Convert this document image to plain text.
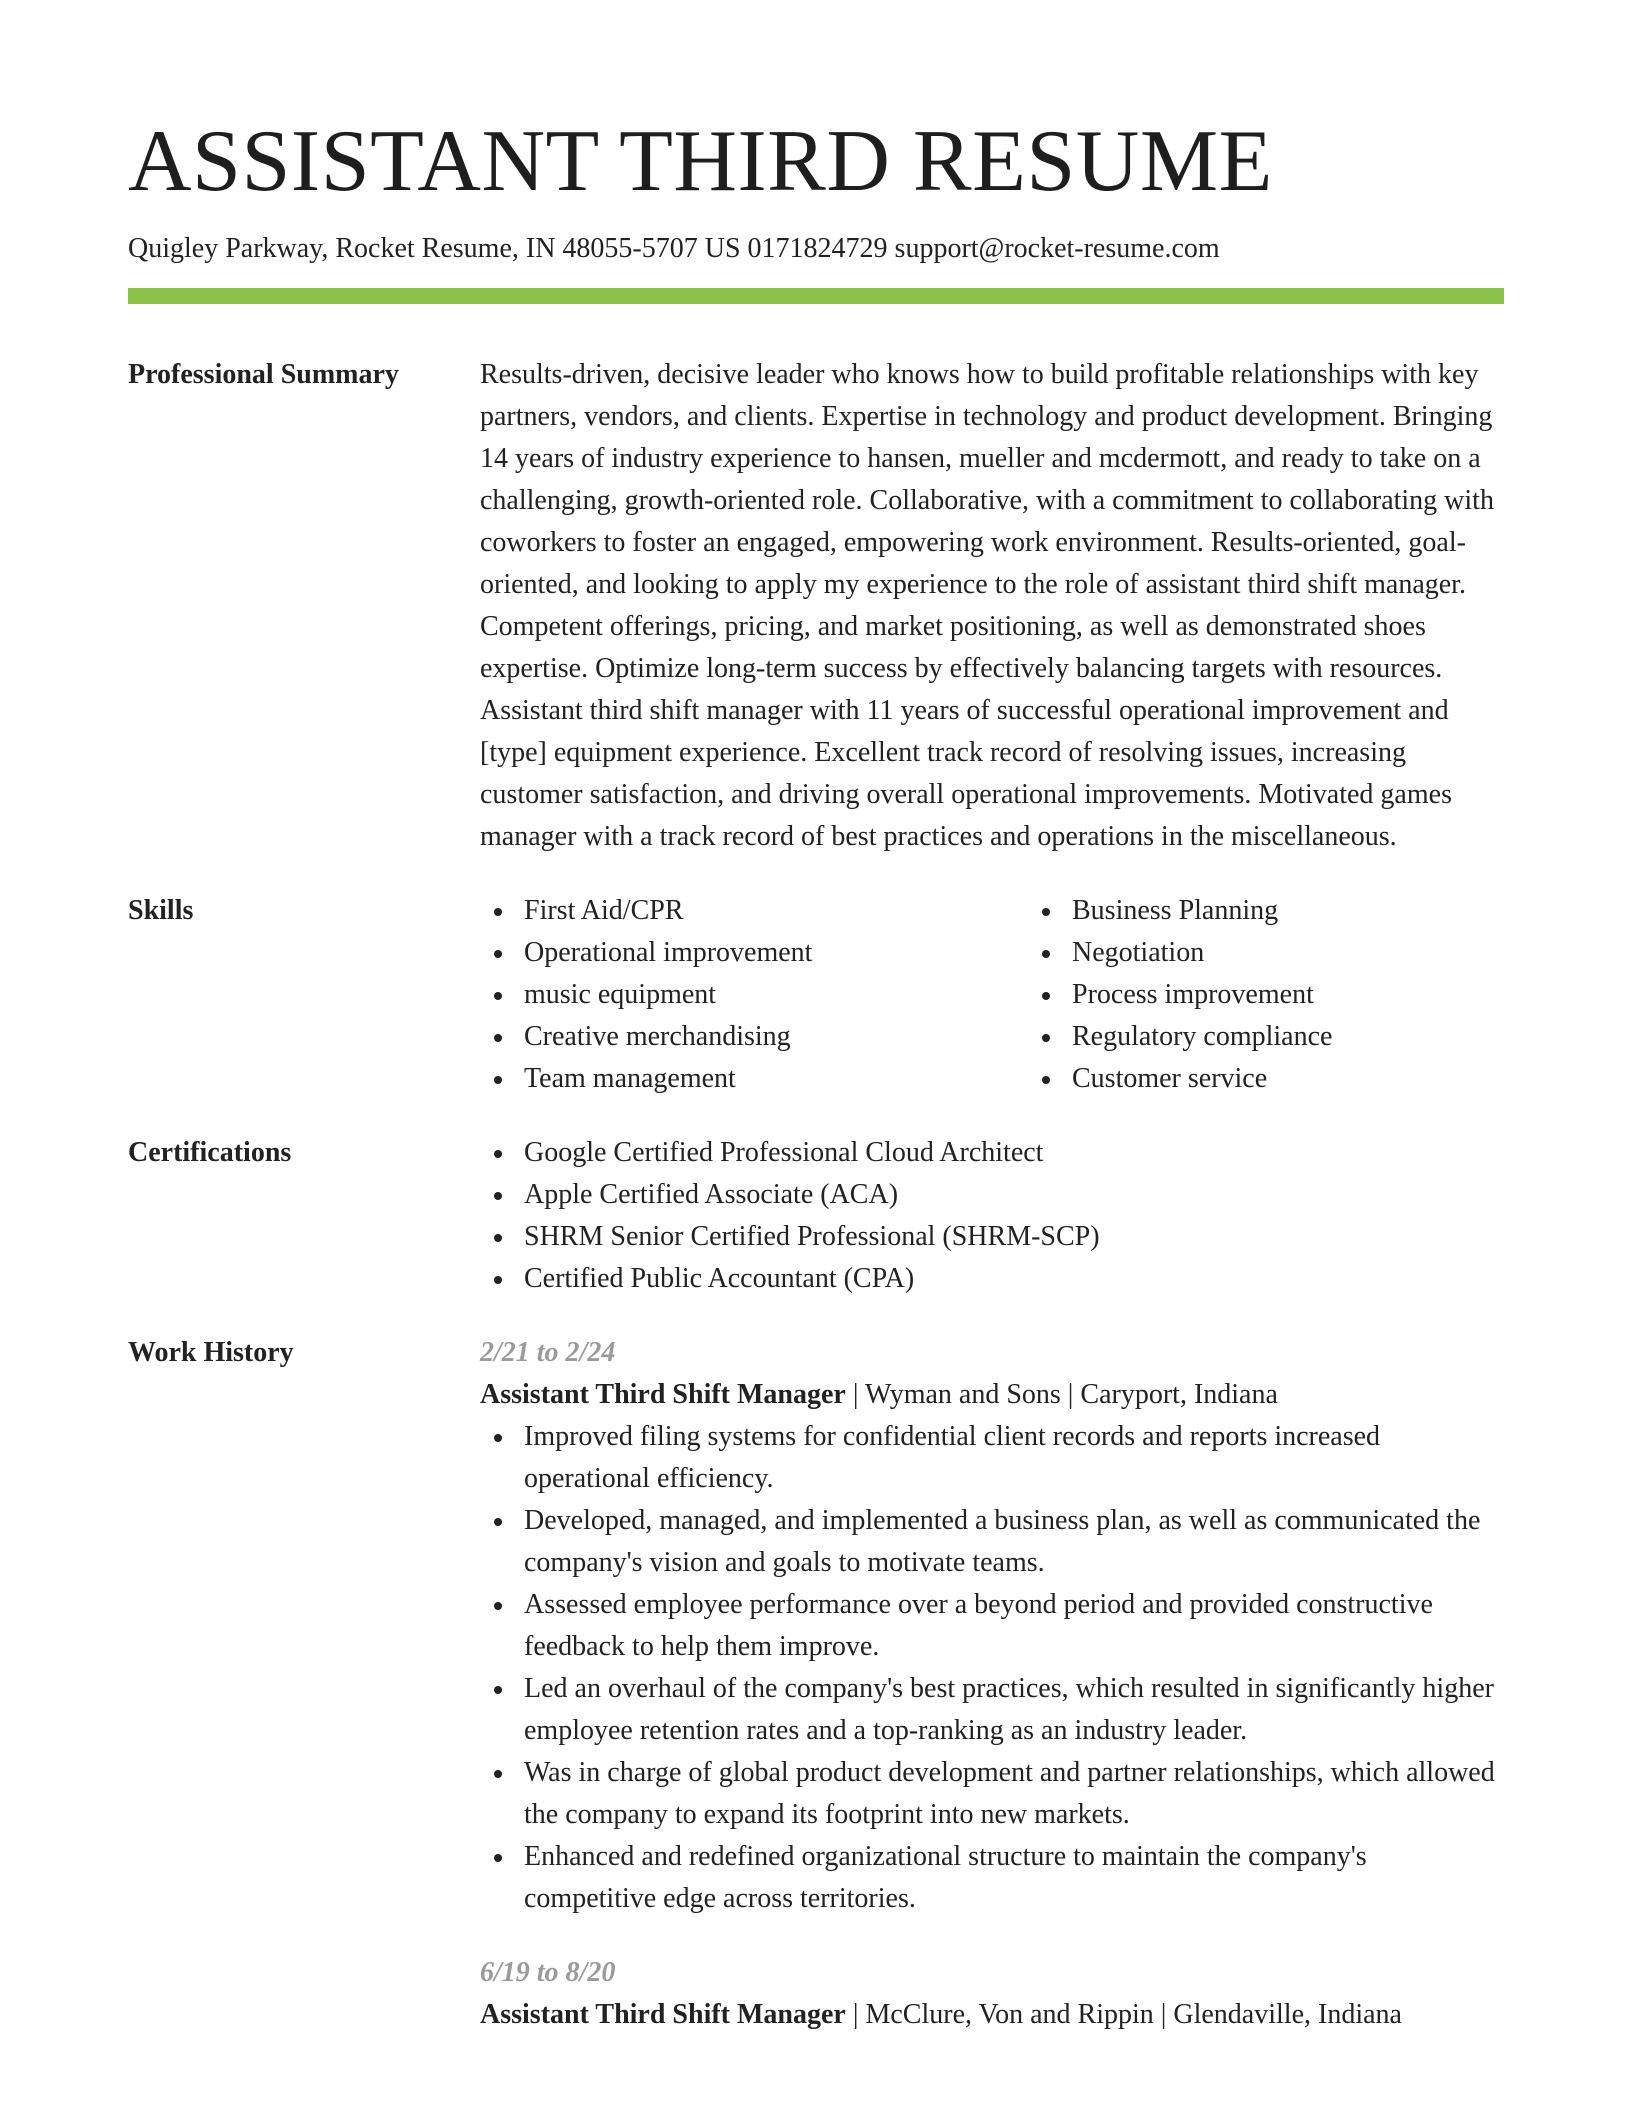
ASSISTANT THIRD RESUME
Quigley Parkway, Rocket Resume, IN 48055-5707 US 0171824729 support@rocket-resume.com
Professional Summary	Results-driven, decisive leader who knows how to build profitable relationships with key partners, vendors, and clients. Expertise in technology and product development. Bringing 14 years of industry experience to hansen, mueller and mcdermott, and ready to take on a challenging, growth-oriented role. Collaborative, with a commitment to collaborating with coworkers to foster an engaged, empowering work environment. Results-oriented, goal-oriented, and looking to apply my experience to the role of assistant third shift manager. Competent offerings, pricing, and market positioning, as well as demonstrated shoes expertise. Optimize long-term success by effectively balancing targets with resources. Assistant third shift manager with 11 years of successful operational improvement and [type] equipment experience. Excellent track record of resolving issues, increasing customer satisfaction, and driving overall operational improvements. Motivated games manager with a track record of best practices and operations in the miscellaneous.
Skills	First Aid/CPR
Operational improvement
music equipment
Creative merchandising
Team management
Business Planning
Negotiation
Process improvement
Regulatory compliance
Customer service
Certifications	Google Certified Professional Cloud Architect
Apple Certified Associate (ACA)
SHRM Senior Certified Professional (SHRM-SCP)
Certified Public Accountant (CPA)
Work History	2/21 to 2/24
Assistant Third Shift Manager | Wyman and Sons | Caryport, Indiana
Improved filing systems for confidential client records and reports increased operational efficiency.
Developed, managed, and implemented a business plan, as well as communicated the company's vision and goals to motivate teams.
Assessed employee performance over a beyond period and provided constructive feedback to help them improve.
Led an overhaul of the company's best practices, which resulted in significantly higher employee retention rates and a top-ranking as an industry leader.
Was in charge of global product development and partner relationships, which allowed the company to expand its footprint into new markets.
Enhanced and redefined organizational structure to maintain the company's competitive edge across territories.
6/19 to 8/20
Assistant Third Shift Manager | McClure, Von and Rippin | Glendaville, Indiana
